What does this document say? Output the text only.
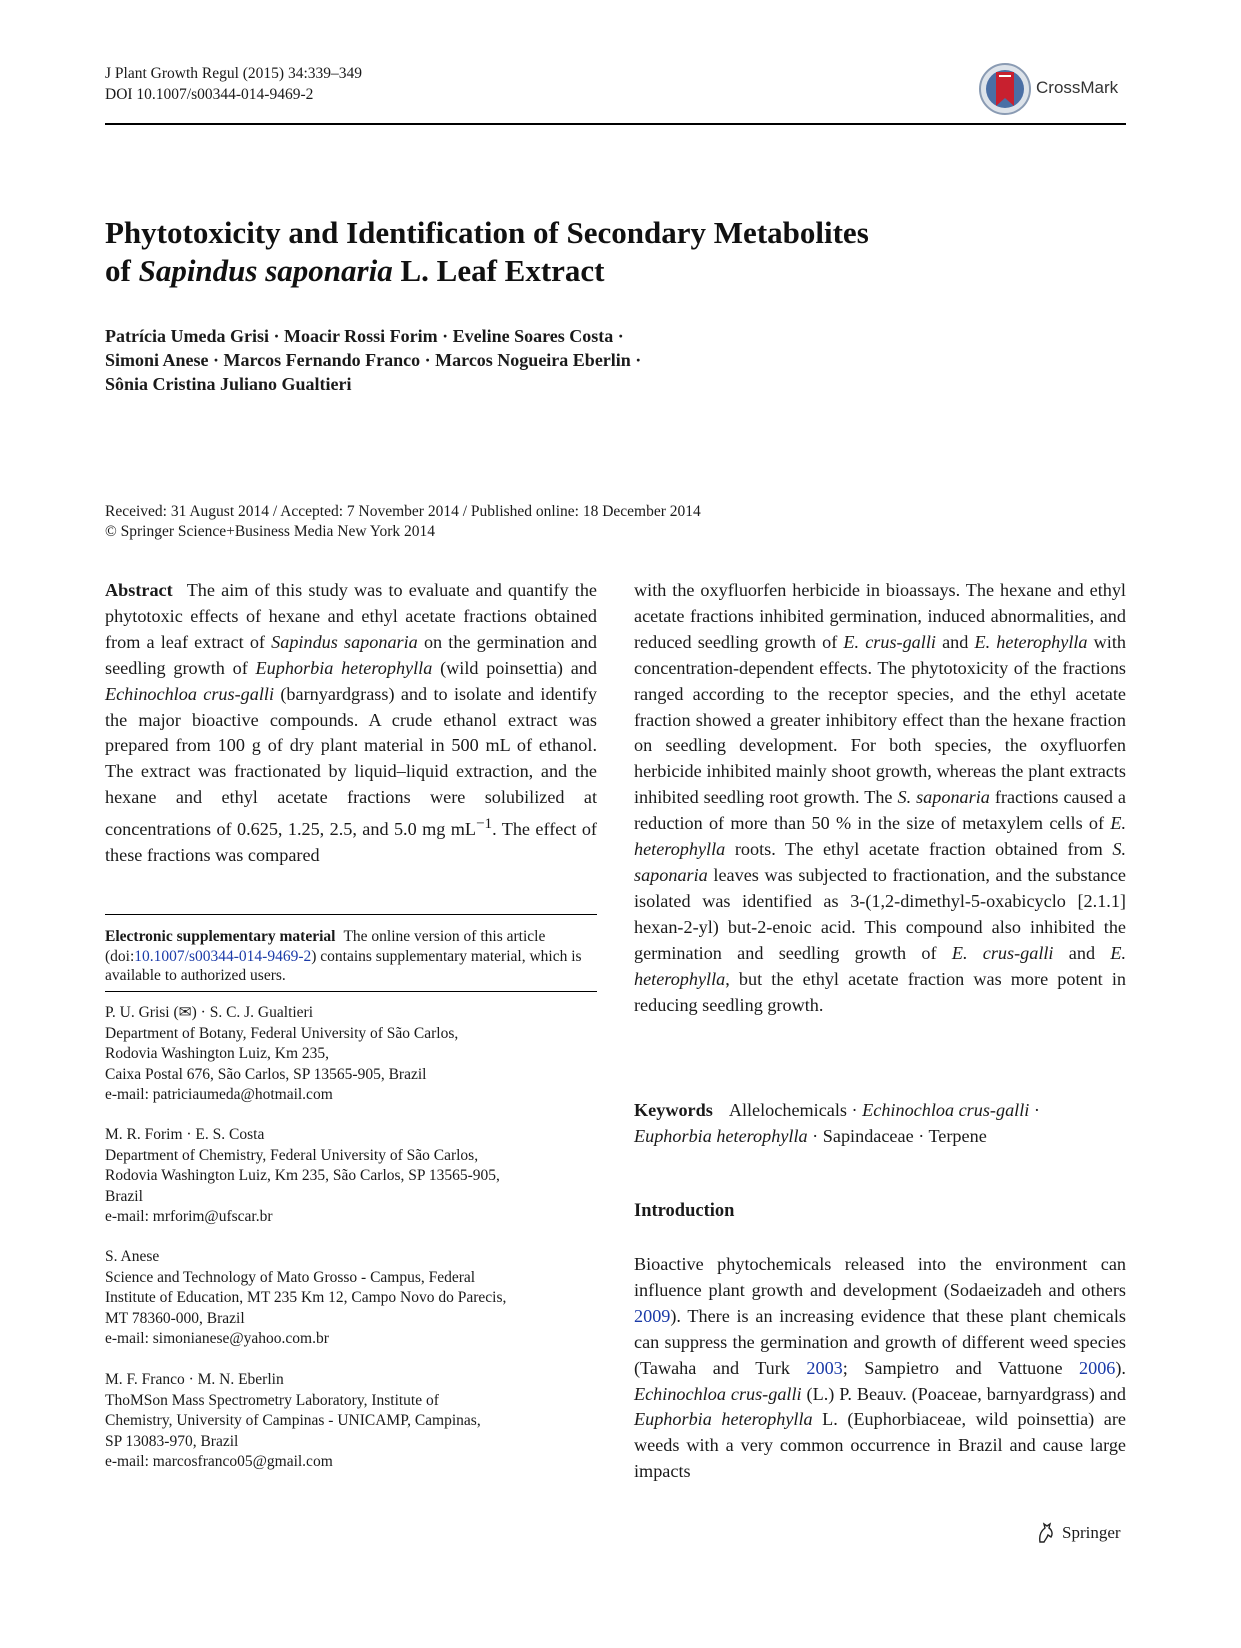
J Plant Growth Regul (2015) 34:339–349
DOI 10.1007/s00344-014-9469-2	CrossMark
Phytotoxicity and Identification of Secondary Metabolites
of Sapindus saponaria L. Leaf Extract
Patrícia Umeda Grisi · Moacir Rossi Forim · Eveline Soares Costa ·
Simoni Anese · Marcos Fernando Franco · Marcos Nogueira Eberlin ·
Sônia Cristina Juliano Gualtieri
Received: 31 August 2014 / Accepted: 7 November 2014 / Published online: 18 December 2014
© Springer Science+Business Media New York 2014

Abstract The aim of this study was to evaluate and quantify the phytotoxic effects of hexane and ethyl acetate fractions obtained from a leaf extract of Sapindus saponaria on the germination and seedling growth of Euphorbia heterophylla (wild poinsettia) and Echinochloa crus-galli (barnyardgrass) and to isolate and identify the major bioactive compounds. A crude ethanol extract was prepared from 100 g of dry plant material in 500 mL of ethanol. The extract was fractionated by liquid–liquid extraction, and the hexane and ethyl acetate fractions were solubilized at concentrations of 0.625, 1.25, 2.5, and 5.0 mg $mL^{-1}$. The effect of these fractions was compared

Electronic supplementary material The online version of this article (doi:10.1007/s00344-014-9469-2) contains supplementary material, which is available to authorized users.

P. U. Grisi (✉) · S. C. J. Gualtieri

Department of Botany, Federal University of São Carlos,

Rodovia Washington Luiz, Km 235,

Caixa Postal 676, São Carlos, SP 13565-905, Brazil

e-mail: patriciaumeda@hotmail.com

M. R. Forim · E. S. Costa

Department of Chemistry, Federal University of São Carlos,

Rodovia Washington Luiz, Km 235, São Carlos, SP 13565-905,

Brazil

e-mail: mrforim@ufscar.br

S. Anese

Science and Technology of Mato Grosso - Campus, Federal

Institute of Education, MT 235 Km 12, Campo Novo do Parecis,

MT 78360-000, Brazil

e-mail: simonianese@yahoo.com.br

M. F. Franco · M. N. Eberlin

ThoMSon Mass Spectrometry Laboratory, Institute of

Chemistry, University of Campinas - UNICAMP, Campinas,

SP 13083-970, Brazil

e-mail: marcosfranco05@gmail.com

with the oxyfluorfen herbicide in bioassays. The hexane and ethyl acetate fractions inhibited germination, induced abnormalities, and reduced seedling growth of E. crus-galli and E. heterophylla with concentration-dependent effects. The phytotoxicity of the fractions ranged according to the receptor species, and the ethyl acetate fraction showed a greater inhibitory effect than the hexane fraction on seedling development. For both species, the oxyfluorfen herbicide inhibited mainly shoot growth, whereas the plant extracts inhibited seedling root growth. The S. saponaria fractions caused a reduction of more than 50 % in the size of metaxylem cells of E. heterophylla roots. The ethyl acetate fraction obtained from S. saponaria leaves was subjected to fractionation, and the substance isolated was identified as 3-(1,2-dimethyl-5-oxabicyclo [2.1.1] hexan-2-yl) but-2-enoic acid. This compound also inhibited the germination and seedling growth of E. crus-galli and E. heterophylla, but the ethyl acetate fraction was more potent in reducing seedling growth.

Keywords Allelochemicals · Echinochloa crus-galli ·
Euphorbia heterophylla · Sapindaceae · Terpene
Introduction

Bioactive phytochemicals released into the environment can influence plant growth and development (Sodaeizadeh and others 2009). There is an increasing evidence that these plant chemicals can suppress the germination and growth of different weed species (Tawaha and Turk 2003; Sampietro and Vattuone 2006). Echinochloa crus-galli (L.) P. Beauv. (Poaceae, barnyardgrass) and Euphorbia heterophylla L. (Euphorbiaceae, wild poinsettia) are weeds with a very common occurrence in Brazil and cause large impacts

Springer
